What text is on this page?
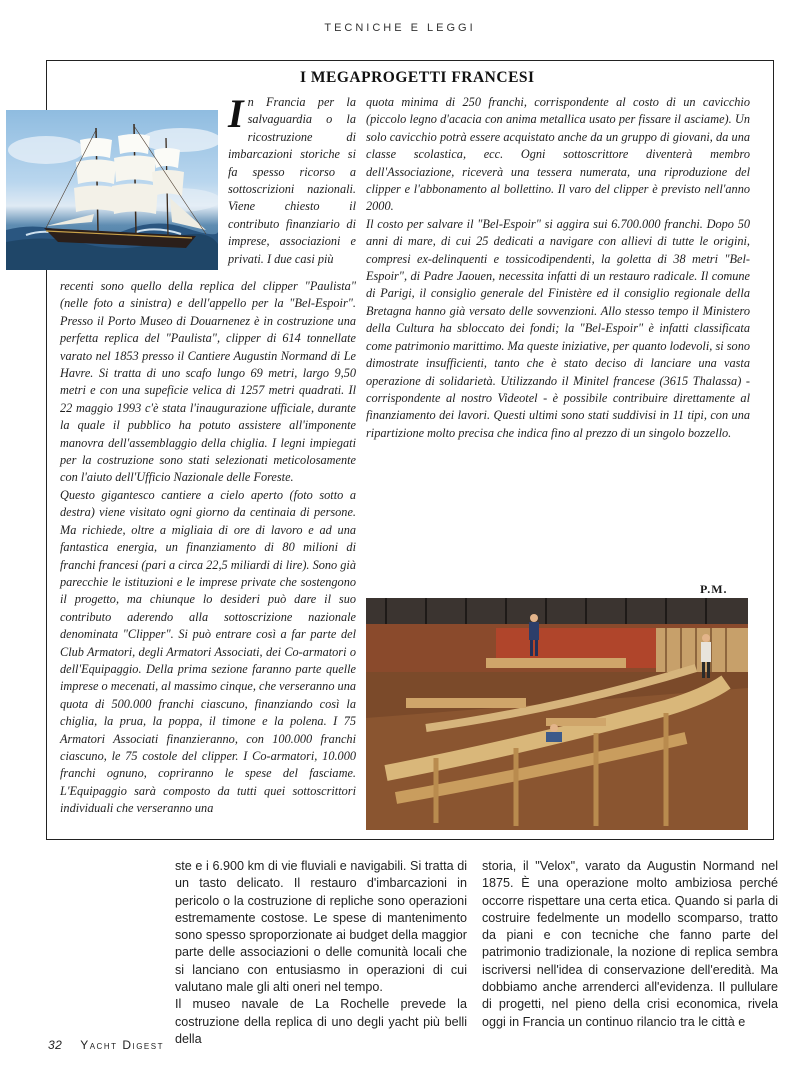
TECNICHE E LEGGI
I MEGAPROGETTI FRANCESI

In Francia per la salvaguardia o la ricostruzione di imbarcazioni storiche si fa spesso ricorso a sottoscrizioni nazionali. Viene chiesto il contributo finanziario di imprese, associazioni e privati. I due casi più

recenti sono quello della replica del clipper "Paulista" (nelle foto a sinistra) e dell'appello per la "Bel-Espoir". Presso il Porto Museo di Douarnenez è in costruzione una perfetta replica del "Paulista", clipper di 614 tonnellate varato nel 1853 presso il Cantiere Augustin Normand di Le Havre. Si tratta di uno scafo lungo 69 metri, largo 9,50 metri e con una supeficie velica di 1257 metri quadrati. Il 22 maggio 1993 c'è stata l'inaugurazione ufficiale, durante la quale il pubblico ha potuto assistere all'imponente manovra dell'assemblaggio della chiglia. I legni impiegati per la costruzione sono stati selezionati meticolosamente con l'aiuto dell'Ufficio Nazionale delle Foreste.

Questo gigantesco cantiere a cielo aperto (foto sotto a destra) viene visitato ogni giorno da centinaia di persone. Ma richiede, oltre a migliaia di ore di lavoro e ad una fantastica energia, un finanziamento di 80 milioni di franchi francesi (pari a circa 22,5 miliardi di lire). Sono già parecchie le istituzioni e le imprese private che sostengono il progetto, ma chiunque lo desideri può dare il suo contributo aderendo alla sottoscrizione nazionale denominata "Clipper". Si può entrare così a far parte del Club Armatori, degli Armatori Associati, dei Co-armatori o dell'Equipaggio. Della prima sezione faranno parte quelle imprese o mecenati, al massimo cinque, che verseranno una quota di 500.000 franchi ciascuno, finanziando così la chiglia, la prua, la poppa, il timone e la polena. I 75 Armatori Associati finanzieranno, con 100.000 franchi ciascuno, le 75 costole del clipper. I Co-armatori, 10.000 franchi ognuno, copriranno le spese del fasciame. L'Equipaggio sarà composto da tutti quei sottoscrittori individuali che verseranno una

quota minima di 250 franchi, corrispondente al costo di un cavicchio (piccolo legno d'acacia con anima metallica usato per fissare il asciame). Un solo cavicchio potrà essere acquistato anche da un gruppo di giovani, da una classe scolastica, ecc. Ogni sottoscrittore diventerà membro dell'Associazione, riceverà una tessera numerata, una riproduzione del clipper e l'abbonamento al bollettino. Il varo del clipper è previsto nell'anno 2000.

Il costo per salvare il "Bel-Espoir" si aggira sui 6.700.000 franchi. Dopo 50 anni di mare, di cui 25 dedicati a navigare con allievi di tutte le origini, compresi ex-delinquenti e tossicodipendenti, la goletta di 38 metri "Bel-Espoir", di Padre Jaouen, necessita infatti di un restauro radicale. Il comune di Parigi, il consiglio generale del Finistère ed il consiglio regionale della Bretagna hanno già versato delle sovvenzioni. Allo stesso tempo il Ministero della Cultura ha sbloccato dei fondi; la "Bel-Espoir" è infatti classificata come patrimonio marittimo. Ma queste iniziative, per quanto lodevoli, si sono dimostrate insufficienti, tanto che è stato deciso di lanciare una vasta operazione di solidarietà. Utilizzando il Minitel francese (3615 Thalassa) -corrispondente al nostro Videotel - è possibile contribuire direttamente al finanziamento dei lavori. Questi ultimi sono stati suddivisi in 11 tipi, con una ripartizione molto precisa che indica fino al prezzo di un singolo bozzello.

P.M.

ste e i 6.900 km di vie fluviali e navigabili. Si tratta di un tasto delicato. Il restauro d'imbarcazioni in pericolo o la costruzione di repliche sono operazioni estremamente costose. Le spese di mantenimento sono spesso sproporzionate ai budget della maggior parte delle associazioni o delle comunità locali che si lanciano con entusiasmo in operazioni di cui valutano male gli alti oneri nel tempo.

Il museo navale de La Rochelle prevede la costruzione della replica di uno degli yacht più belli della

storia, il "Velox", varato da Augustin Normand nel 1875. È una operazione molto ambiziosa perché occorre rispettare una certa etica. Quando si parla di costruire fedelmente un modello scomparso, tratto da piani e con tecniche che fanno parte del patrimonio tradizionale, la nozione di replica sembra iscriversi nell'idea di conservazione dell'eredità. Ma dobbiamo anche arrenderci all'evidenza. Il pullulare di progetti, nel pieno della crisi economica, rivela oggi in Francia un continuo rilancio tra le città e

32 Yacht Digest
